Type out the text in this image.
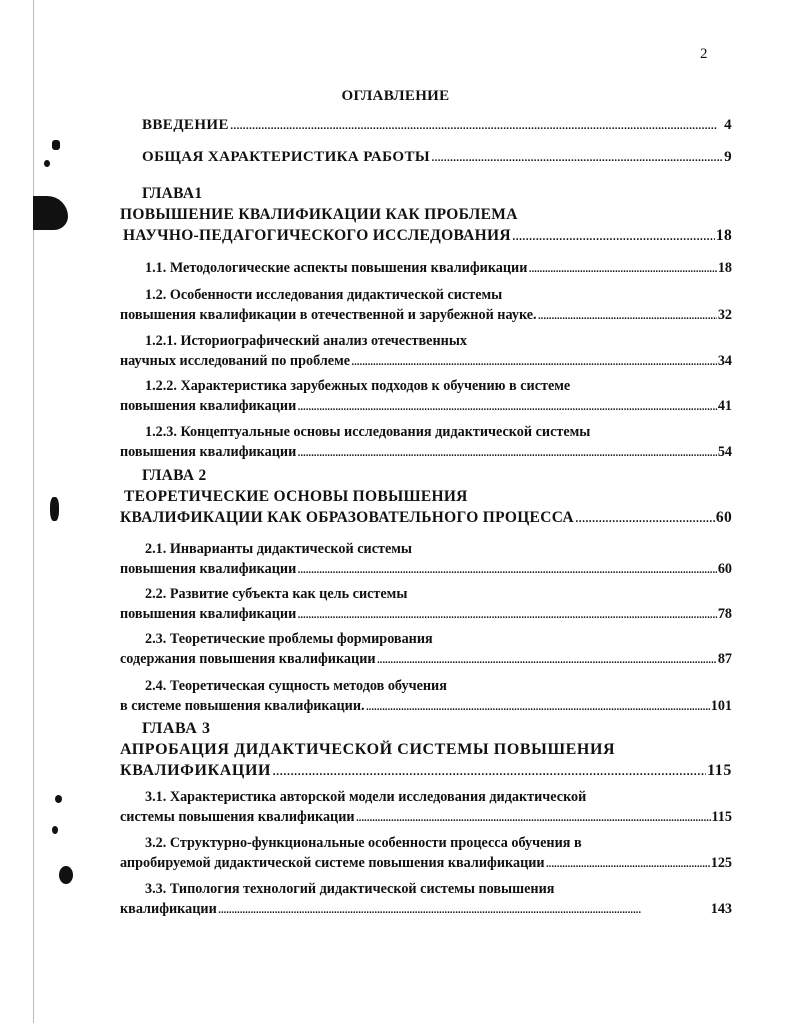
2
ОГЛАВЛЕНИЕ
ВВЕДЕНИЕ . . .	4
ОБЩАЯ ХАРАКТЕРИСТИКА РАБОТЫ . . .	9
ГЛАВА1
ПОВЫШЕНИЕ КВАЛИФИКАЦИИ КАК ПРОБЛЕМА
НАУЧНО-ПЕДАГОГИЧЕСКОГО ИССЛЕДОВАНИЯ . . .	18
1.1. Методологические аспекты повышения квалификации . . .	18
1.2. Особенности исследования дидактической системы
повышения квалификации в отечественной и зарубежной науке. . . .	32
1.2.1. Историографический анализ отечественных
научных исследований по проблеме . . .	34
1.2.2. Характеристика зарубежных подходов к обучению в системе
повышения квалификации . . .	41
1.2.3. Концептуальные основы исследования дидактической системы
повышения квалификации . . .	54
ГЛАВА 2
ТЕОРЕТИЧЕСКИЕ ОСНОВЫ ПОВЫШЕНИЯ
КВАЛИФИКАЦИИ КАК ОБРАЗОВАТЕЛЬНОГО ПРОЦЕССА . . .	60
2.1. Инварианты дидактической системы
повышения квалификации . . .	60
2.2. Развитие субъекта как цель системы
повышения квалификации . . .	78
2.3. Теоретические проблемы формирования
содержания повышения квалификации . . .	87
2.4. Теоретическая сущность методов обучения
в системе повышения квалификации. . . .	101
ГЛАВА 3
АПРОБАЦИЯ ДИДАКТИЧЕСКОЙ СИСТЕМЫ ПОВЫШЕНИЯ
КВАЛИФИКАЦИИ . . .	115
3.1. Характеристика авторской модели исследования дидактической
системы повышения квалификации . . .	115
3.2. Структурно-функциональные особенности процесса обучения в
апробируемой дидактической системе повышения квалификации . . .	125
3.3. Типология технологий дидактической системы повышения
квалификации . . .	143
